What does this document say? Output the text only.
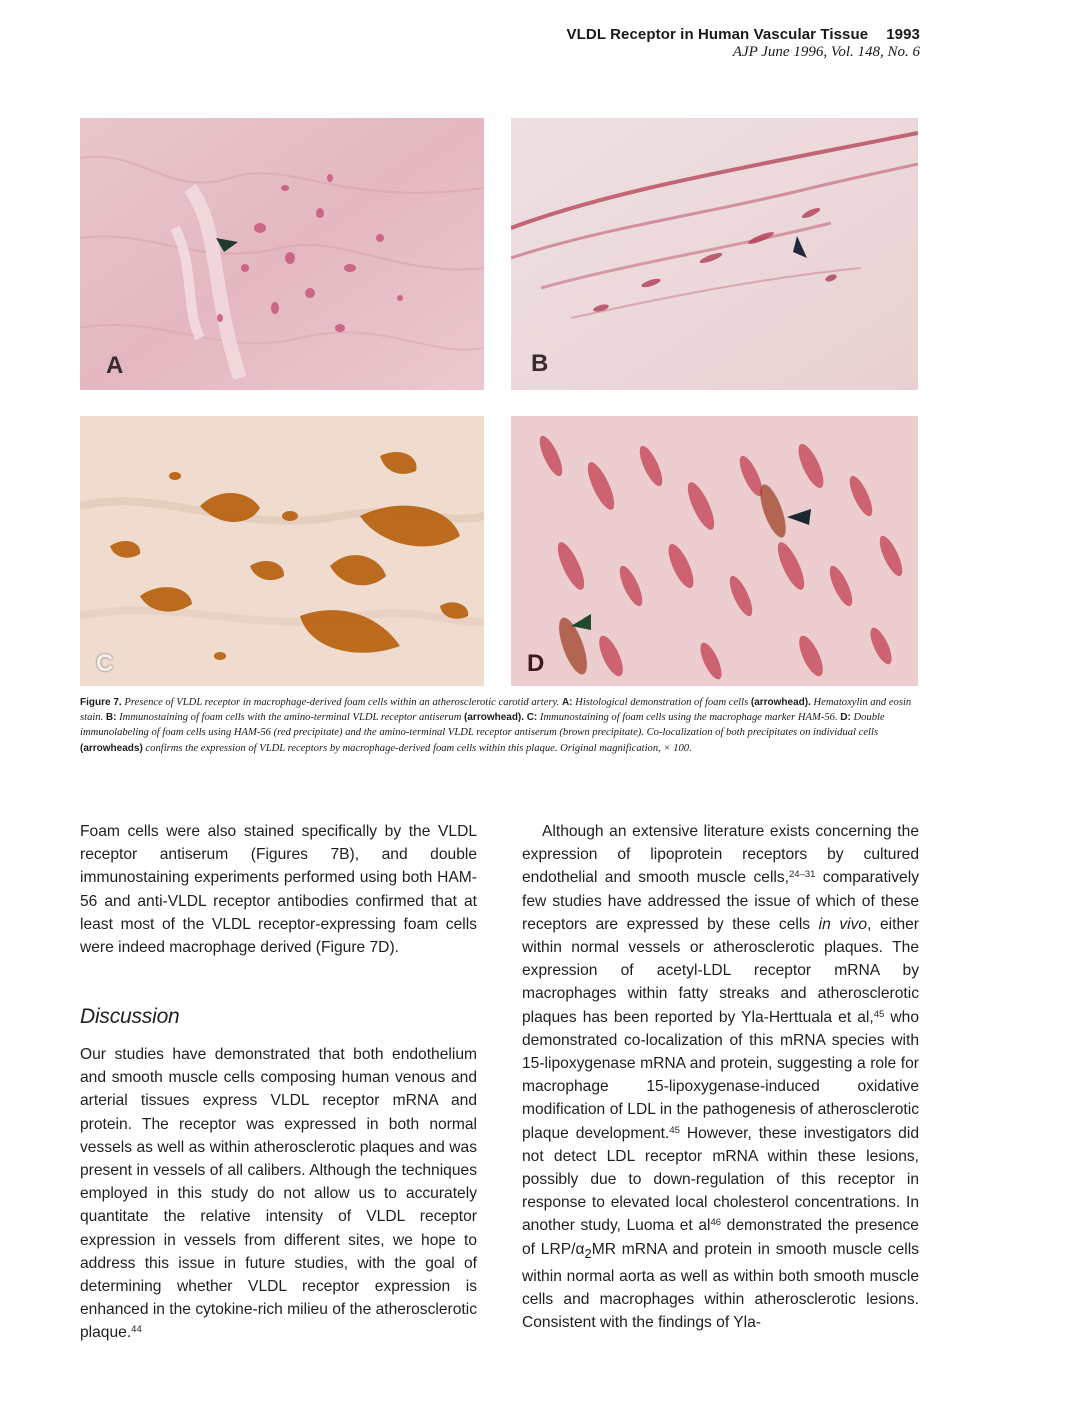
VLDL Receptor in Human Vascular Tissue 1993
AJP June 1996, Vol. 148, No. 6
A	B
C	D
Figure 7. Presence of VLDL receptor in macrophage-derived foam cells within an atherosclerotic carotid artery. A: Histological demonstration of foam cells (arrowhead). Hematoxylin and eosin stain. B: Immunostaining of foam cells with the amino-terminal VLDL receptor antiserum (arrowhead). C: Immunostaining of foam cells using the macrophage marker HAM-56. D: Double immunolabeling of foam cells using HAM-56 (red precipitate) and the amino-terminal VLDL receptor antiserum (brown precipitate). Co-localization of both precipitates on individual cells (arrowheads) confirms the expression of VLDL receptors by macrophage-derived foam cells within this plaque. Original magnification, × 100.

Foam cells were also stained specifically by the VLDL receptor antiserum (Figures 7B), and double immunostaining experiments performed using both HAM-56 and anti-VLDL receptor antibodies confirmed that at least most of the VLDL receptor-expressing foam cells were indeed macrophage derived (Figure 7D).

Discussion

Our studies have demonstrated that both endothelium and smooth muscle cells composing human venous and arterial tissues express VLDL receptor mRNA and protein. The receptor was expressed in both normal vessels as well as within atherosclerotic plaques and was present in vessels of all calibers. Although the techniques employed in this study do not allow us to accurately quantitate the relative intensity of VLDL receptor expression in vessels from different sites, we hope to address this issue in future studies, with the goal of determining whether VLDL receptor expression is enhanced in the cytokine-rich milieu of the atherosclerotic plaque.$^{44}$

Although an extensive literature exists concerning the expression of lipoprotein receptors by cultured endothelial and smooth muscle cells,$^{24-31}$ comparatively few studies have addressed the issue of which of these receptors are expressed by these cells in vivo, either within normal vessels or atherosclerotic plaques. The expression of acetyl-LDL receptor mRNA by macrophages within fatty streaks and atherosclerotic plaques has been reported by Yla-Herttuala et al,$^{45}$ who demonstrated co-localization of this mRNA species with 15-lipoxygenase mRNA and protein, suggesting a role for macrophage 15-lipoxygenase-induced oxidative modification of LDL in the pathogenesis of atherosclerotic plaque development.$^{45}$ However, these investigators did not detect LDL receptor mRNA within these lesions, possibly due to down-regulation of this receptor in response to elevated local cholesterol concentrations. In another study, Luoma et $al^{46}$ demonstrated the presence of LRP/$\alpha_2MR$ mRNA and protein in smooth muscle cells within normal aorta as well as within both smooth muscle cells and macrophages within atherosclerotic lesions. Consistent with the findings of Yla-
